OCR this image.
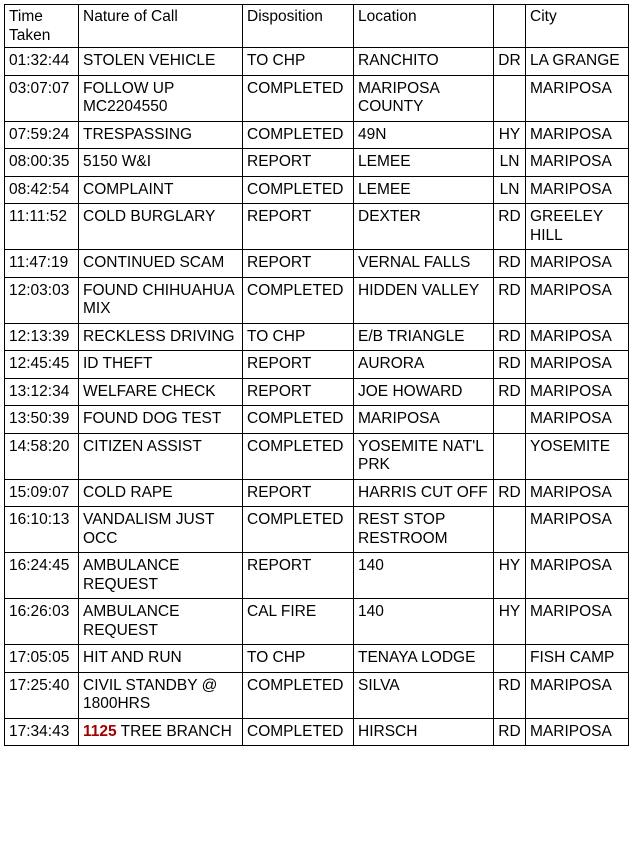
Time Taken	Nature of Call	Disposition	Location		City
01:32:44	STOLEN VEHICLE	TO CHP	RANCHITO	DR	LA GRANGE
03:07:07	FOLLOW UP MC2204550	COMPLETED	MARIPOSA COUNTY		MARIPOSA
07:59:24	TRESPASSING	COMPLETED	49N	HY	MARIPOSA
08:00:35	5150 W&I	REPORT	LEMEE	LN	MARIPOSA
08:42:54	COMPLAINT	COMPLETED	LEMEE	LN	MARIPOSA
11:11:52	COLD BURGLARY	REPORT	DEXTER	RD	GREELEY HILL
11:47:19	CONTINUED SCAM	REPORT	VERNAL FALLS	RD	MARIPOSA
12:03:03	FOUND CHIHUAHUA MIX	COMPLETED	HIDDEN VALLEY	RD	MARIPOSA
12:13:39	RECKLESS DRIVING	TO CHP	E/B TRIANGLE	RD	MARIPOSA
12:45:45	ID THEFT	REPORT	AURORA	RD	MARIPOSA
13:12:34	WELFARE CHECK	REPORT	JOE HOWARD	RD	MARIPOSA
13:50:39	FOUND DOG TEST	COMPLETED	MARIPOSA		MARIPOSA
14:58:20	CITIZEN ASSIST	COMPLETED	YOSEMITE NAT'L PRK		YOSEMITE
15:09:07	COLD RAPE	REPORT	HARRIS CUT OFF	RD	MARIPOSA
16:10:13	VANDALISM JUST OCC	COMPLETED	REST STOP RESTROOM		MARIPOSA
16:24:45	AMBULANCE REQUEST	REPORT	140	HY	MARIPOSA
16:26:03	AMBULANCE REQUEST	CAL FIRE	140	HY	MARIPOSA
17:05:05	HIT AND RUN	TO CHP	TENAYA LODGE		FISH CAMP
17:25:40	CIVIL STANDBY @ 1800HRS	COMPLETED	SILVA	RD	MARIPOSA
17:34:43	1125 TREE BRANCH	COMPLETED	HIRSCH	RD	MARIPOSA
